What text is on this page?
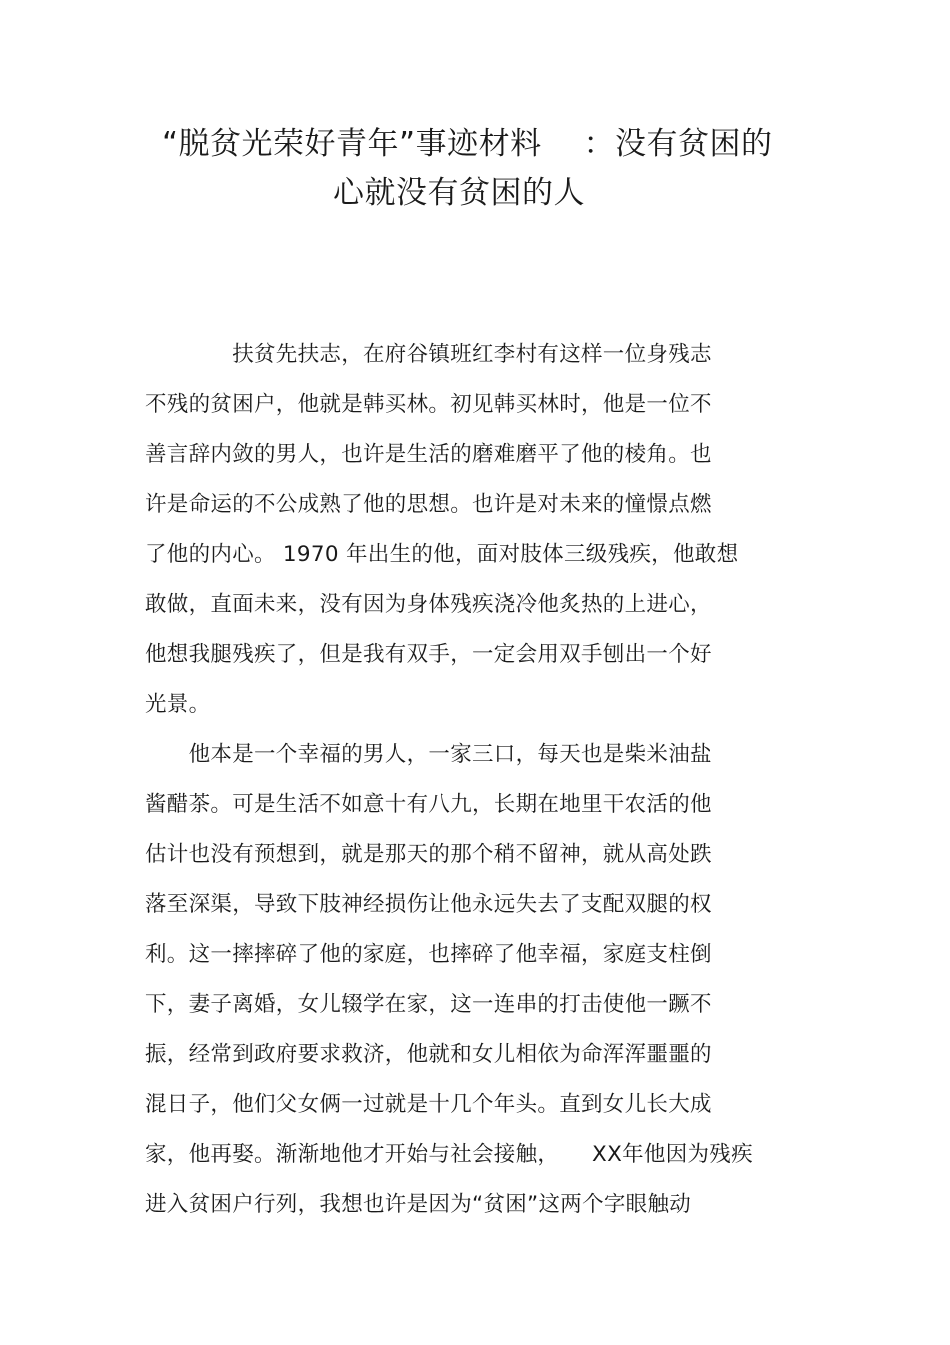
“脱贫光荣好青年”事迹材料　 ：没有贫困的
心就没有贫困的人
　　　　扶贫先扶志，在府谷镇班红李村有这样一位身残志
不残的贫困户，他就是韩买林。初见韩买林时，他是一位不
善言辞内敛的男人，也许是生活的磨难磨平了他的棱角。也
许是命运的不公成熟了他的思想。也许是对未来的憧憬点燃
了他的内心。 1970 年出生的他，面对肢体三级残疾，他敢想
敢做，直面未来，没有因为身体残疾浇冷他炙热的上进心，
他想我腿残疾了，但是我有双手，一定会用双手刨出一个好
光景。
　　他本是一个幸福的男人，一家三口，每天也是柴米油盐
酱醋茶。可是生活不如意十有八九，长期在地里干农活的他
估计也没有预想到，就是那天的那个稍不留神，就从高处跌
落至深渠，导致下肢神经损伤让他永远失去了支配双腿的权
利。这一摔摔碎了他的家庭，也摔碎了他幸福，家庭支柱倒
下，妻子离婚，女儿辍学在家，这一连串的打击使他一蹶不
振，经常到政府要求救济，他就和女儿相依为命浑浑噩噩的
混日子，他们父女俩一过就是十几个年头。直到女儿长大成
家，他再娶。渐渐地他才开始与社会接触，　　XX年他因为残疾
进入贫困户行列，我想也许是因为“贫困”这两个字眼触动
